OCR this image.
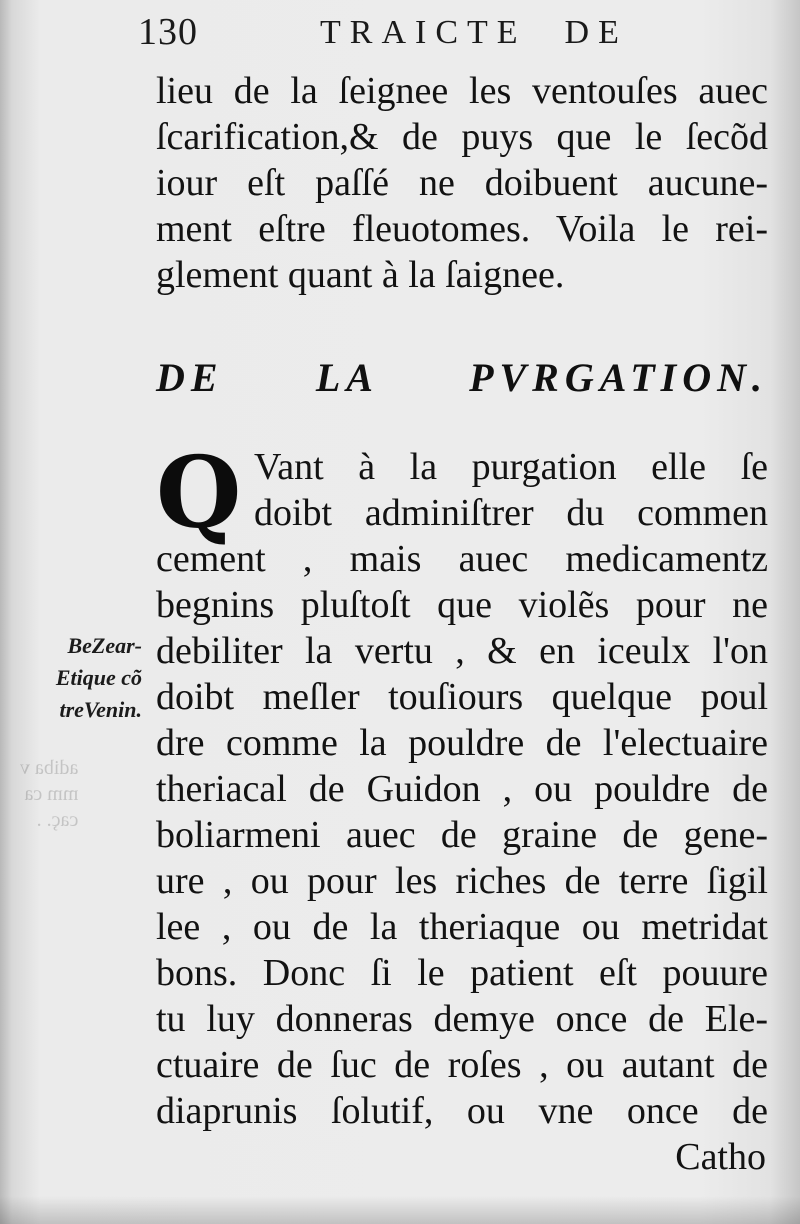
adiba v
mm ca
caç. .
130	TRAICTE DE
lieu de la ſeignee les ventouſes auec
ſcarification,& de puys que le ſecõd
iour eſt paſſé ne doibuent aucune-
ment eſtre fleuotomes. Voila le rei-
glement quant à la ſaignee.
DE LA PVRGATION.
Q Vant à la purgation elle ſe
doibt adminiſtrer du commen
cement , mais auec medicamentz
begnins pluſtoſt que violẽs pour ne
debiliter la vertu , & en iceulx l'on
doibt meſler touſiours quelque poul
dre comme la pouldre de l'electuaire
theriacal de Guidon , ou pouldre de
boliarmeni auec de graine de gene-
ure , ou pour les riches de terre ſigil
lee , ou de la theriaque ou metridat
bons. Donc ſi le patient eſt pouure
tu luy donneras demye once de Ele-
ctuaire de ſuc de roſes , ou autant de
diaprunis ſolutif, ou vne once de
Catho
BeZear-
Etique cõ
treVenin.
